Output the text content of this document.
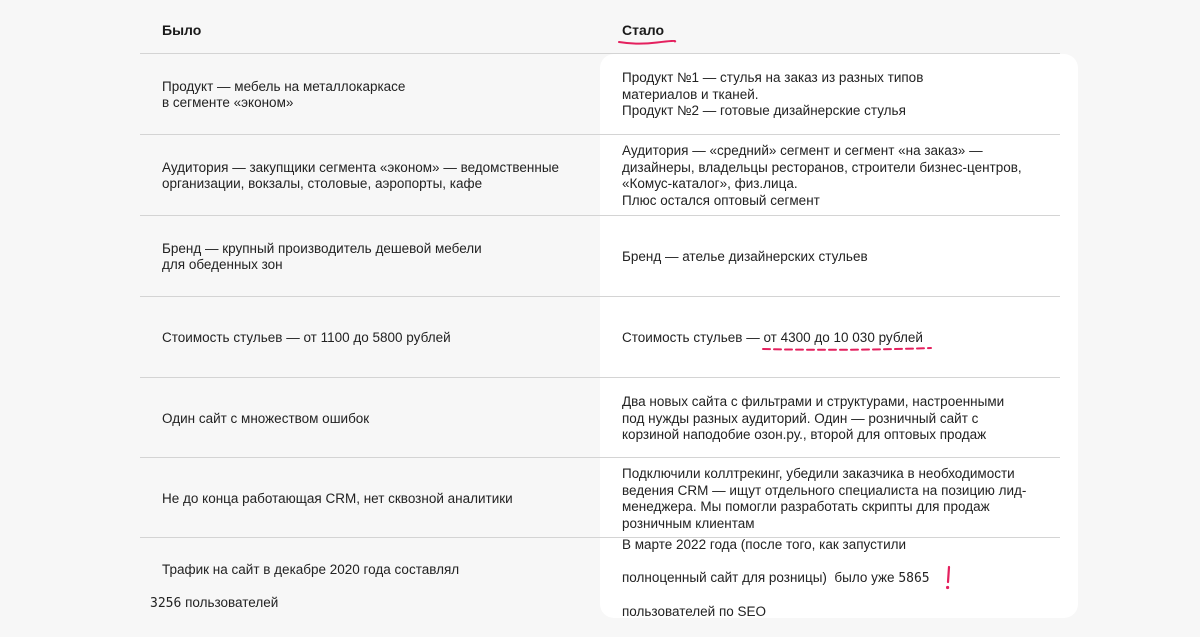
Было	Стало
Продукт — мебель на металлокаркасе
в сегменте «эконом»
Продукт №1 — стулья на заказ из разных типов
материалов и тканей.
Продукт №2 — готовые дизайнерские стулья
Аудитория — закупщики сегмента «эконом» — ведомственные
организации, вокзалы, столовые, аэропорты, кафе
Аудитория — «средний» сегмент и сегмент «на заказ» —
дизайнеры, владельцы ресторанов, строители бизнес-центров,
«Комус-каталог», физ.лица.
Плюс остался оптовый сегмент
Бренд — крупный производитель дешевой мебели
для обеденных зон
Бренд — ателье дизайнерских стульев
Стоимость стульев — от 1100 до 5800 рублей	Стоимость стульев — от 4300 до 10 030 рублей
Один сайт с множеством ошибок
Два новых сайта с фильтрами и структурами, настроенными
под нужды разных аудиторий. Один — розничный сайт с
корзиной наподобие озон.ру., второй для оптовых продаж
Не до конца работающая CRM, нет сквозной аналитики
Подключили коллтрекинг, убедили заказчика в необходимости
ведения CRM — ищут отдельного специалиста на позицию лид-
менеджера. Мы помогли разработать скрипты для продаж
розничным клиентам

Трафик на сайт в декабре 2020 года составлял

3256 пользователей

В марте 2022 года (после того, как запустили

полноценный сайт для розницы)  было уже 5865

пользователей по SEO
